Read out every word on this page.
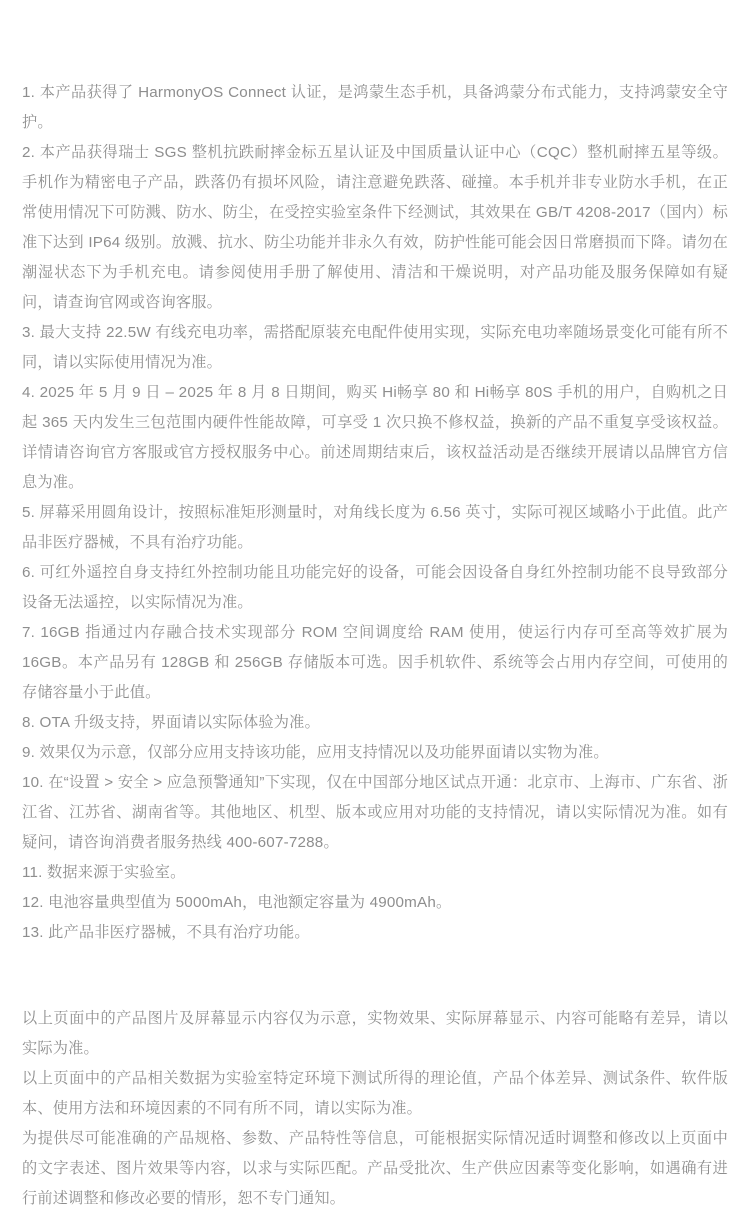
1. 本产品获得了 HarmonyOS Connect 认证，是鸿蒙生态手机，具备鸿蒙分布式能力，支持鸿蒙安全守护。

2. 本产品获得瑞士 SGS 整机抗跌耐摔金标五星认证及中国质量认证中心（CQC）整机耐摔五星等级。手机作为精密电子产品，跌落仍有损坏风险，请注意避免跌落、碰撞。本手机并非专业防水手机，在正常使用情况下可防溅、防水、防尘，在受控实验室条件下经测试，其效果在 GB/T 4208-2017（国内）标准下达到 IP64 级别。放溅、抗水、防尘功能并非永久有效，防护性能可能会因日常磨损而下降。请勿在潮湿状态下为手机充电。请参阅使用手册了解使用、清洁和干燥说明，对产品功能及服务保障如有疑问，请查询官网或咨询客服。

3. 最大支持 22.5W 有线充电功率，需搭配原装充电配件使用实现，实际充电功率随场景变化可能有所不同，请以实际使用情况为准。

4. 2025 年 5 月 9 日 – 2025 年 8 月 8 日期间，购买 Hi畅享 80 和 Hi畅享 80S 手机的用户，自购机之日起 365 天内发生三包范围内硬件性能故障，可享受 1 次只换不修权益，换新的产品不重复享受该权益。详情请咨询官方客服或官方授权服务中心。前述周期结束后，该权益活动是否继续开展请以品牌官方信息为准。

5. 屏幕采用圆角设计，按照标准矩形测量时，对角线长度为 6.56 英寸，实际可视区域略小于此值。此产品非医疗器械，不具有治疗功能。

6. 可红外遥控自身支持红外控制功能且功能完好的设备，可能会因设备自身红外控制功能不良导致部分设备无法遥控，以实际情况为准。

7. 16GB 指通过内存融合技术实现部分 ROM 空间调度给 RAM 使用，使运行内存可至高等效扩展为 16GB。本产品另有 128GB 和 256GB 存储版本可选。因手机软件、系统等会占用内存空间，可使用的存储容量小于此值。

8. OTA 升级支持，界面请以实际体验为准。

9. 效果仅为示意，仅部分应用支持该功能，应用支持情况以及功能界面请以实物为准。

10. 在“设置 > 安全 > 应急预警通知”下实现，仅在中国部分地区试点开通：北京市、上海市、广东省、浙江省、江苏省、湖南省等。其他地区、机型、版本或应用对功能的支持情况，请以实际情况为准。如有疑问，请咨询消费者服务热线 400-607-7288。

11. 数据来源于实验室。

12. 电池容量典型值为 5000mAh，电池额定容量为 4900mAh。

13. 此产品非医疗器械，不具有治疗功能。

以上页面中的产品图片及屏幕显示内容仅为示意，实物效果、实际屏幕显示、内容可能略有差异，请以实际为准。

以上页面中的产品相关数据为实验室特定环境下测试所得的理论值，产品个体差异、测试条件、软件版本、使用方法和环境因素的不同有所不同，请以实际为准。

为提供尽可能准确的产品规格、参数、产品特性等信息，可能根据实际情况适时调整和修改以上页面中的文字表述、图片效果等内容，以求与实际匹配。产品受批次、生产供应因素等变化影响，如遇确有进行前述调整和修改必要的情形，恕不专门通知。
